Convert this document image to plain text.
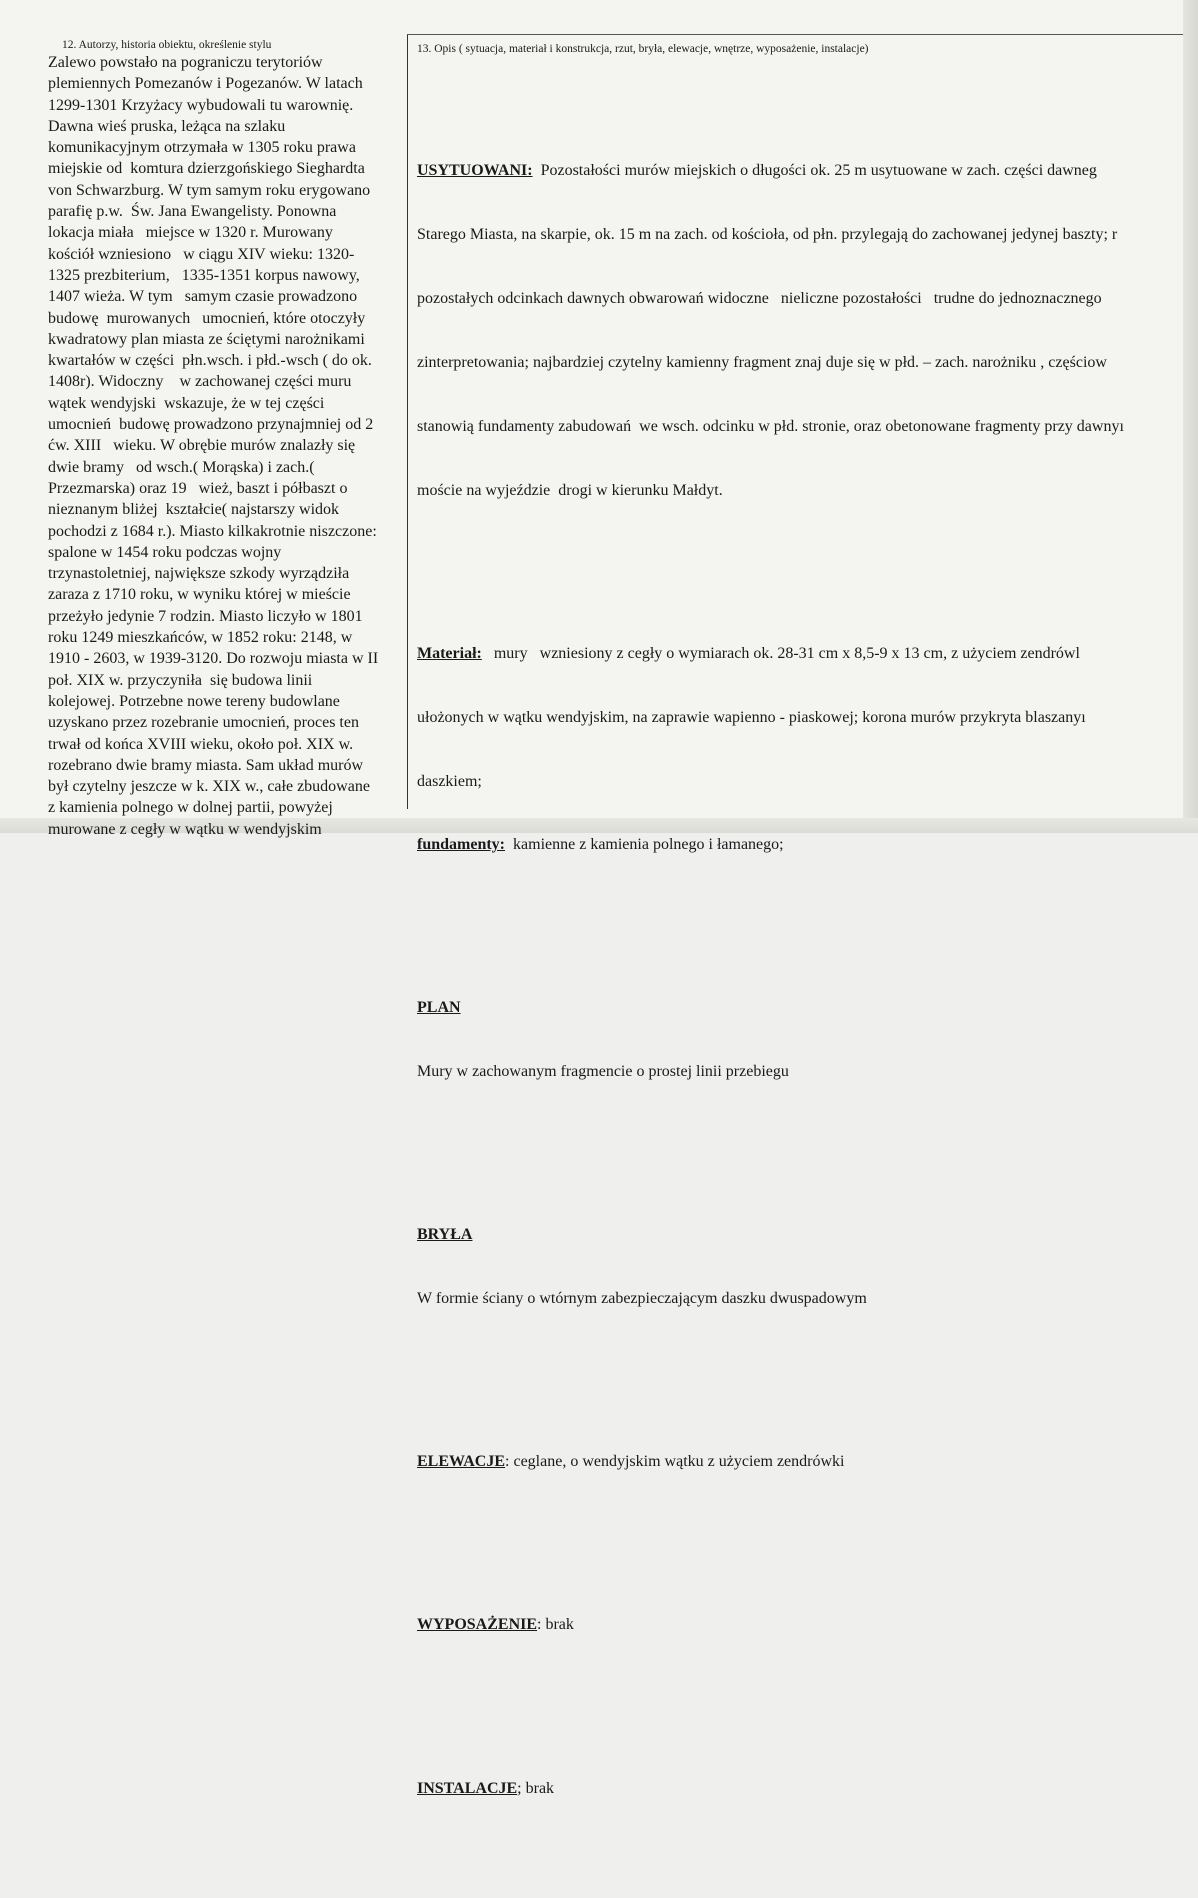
12. Autorzy, historia obiektu, określenie stylu
Zalewo powstało na pograniczu terytoriów
plemiennych Pomezanów i Pogezanów. W latach
1299-1301 Krzyżacy wybudowali tu warownię.
Dawna wieś pruska, leżąca na szlaku
komunikacyjnym otrzymała w 1305 roku prawa
miejskie od  komtura dzierzgońskiego Sieghardta
von Schwarzburg. W tym samym roku erygowano
parafię p.w.  Św. Jana Ewangelisty. Ponowna
lokacja miała   miejsce w 1320 r. Murowany
kościół wzniesiono   w ciągu XIV wieku: 1320-
1325 prezbiterium,   1335-1351 korpus nawowy,
1407 wieża. W tym   samym czasie prowadzono
budowę  murowanych   umocnień, które otoczyły
kwadratowy plan miasta ze ściętymi narożnikami
kwartałów w części  płn.wsch. i płd.-wsch ( do ok.
1408r). Widoczny    w zachowanej części muru
wątek wendyjski  wskazuje, że w tej części
umocnień  budowę prowadzono przynajmniej od 2
ćw. XIII   wieku. W obrębie murów znalazły się
dwie bramy   od wsch.( Morąska) i zach.(
Przezmarska) oraz 19   wież, baszt i półbaszt o
nieznanym bliżej  kształcie( najstarszy widok
pochodzi z 1684 r.). Miasto kilkakrotnie niszczone:
spalone w 1454 roku podczas wojny
trzynastoletniej, największe szkody wyrządziła
zaraza z 1710 roku, w wyniku której w mieście
przeżyło jedynie 7 rodzin. Miasto liczyło w 1801
roku 1249 mieszkańców, w 1852 roku: 2148, w
1910 - 2603, w 1939-3120. Do rozwoju miasta w II
poł. XIX w. przyczyniła  się budowa linii
kolejowej. Potrzebne nowe tereny budowlane
uzyskano przez rozebranie umocnień, proces ten
trwał od końca XVIII wieku, około poł. XIX w.
rozebrano dwie bramy miasta. Sam układ murów
był czytelny jeszcze w k. XIX w., całe zbudowane
z kamienia polnego w dolnej partii, powyżej
murowane z cegły w wątku w wendyjskim
13. Opis ( sytuacja, materiał i konstrukcja, rzut, bryła, elewacje, wnętrze, wyposażenie, instalacje)

USYTUOWANI:  Pozostałości murów miejskich o długości ok. 25 m usytuowane w zach. części dawneg

Starego Miasta, na skarpie, ok. 15 m na zach. od kościoła, od płn. przylegają do zachowanej jedynej baszty; r

pozostałych odcinkach dawnych obwarowań widoczne   nieliczne pozostałości   trudne do jednoznacznego

zinterpretowania; najbardziej czytelny kamienny fragment znaj duje się w płd. – zach. narożniku , częściow

stanowią fundamenty zabudowań  we wsch. odcinku w płd. stronie, oraz obetonowane fragmenty przy dawnyı

moście na wyjeździe  drogi w kierunku Małdyt.

Materiał:   mury   wzniesiony z cegły o wymiarach ok. 28-31 cm x 8,5-9 x 13 cm, z użyciem zendrówl

ułożonych w wątku wendyjskim, na zaprawie wapienno - piaskowej; korona murów przykryta blaszanyı

daszkiem;

fundamenty:  kamienne z kamienia polnego i łamanego;

PLAN

Mury w zachowanym fragmencie o prostej linii przebiegu

BRYŁA

W formie ściany o wtórnym zabezpieczającym daszku dwuspadowym

ELEWACJE: ceglane, o wendyjskim wątku z użyciem zendrówki

WYPOSAŻENIE: brak

INSTALACJE; brak
